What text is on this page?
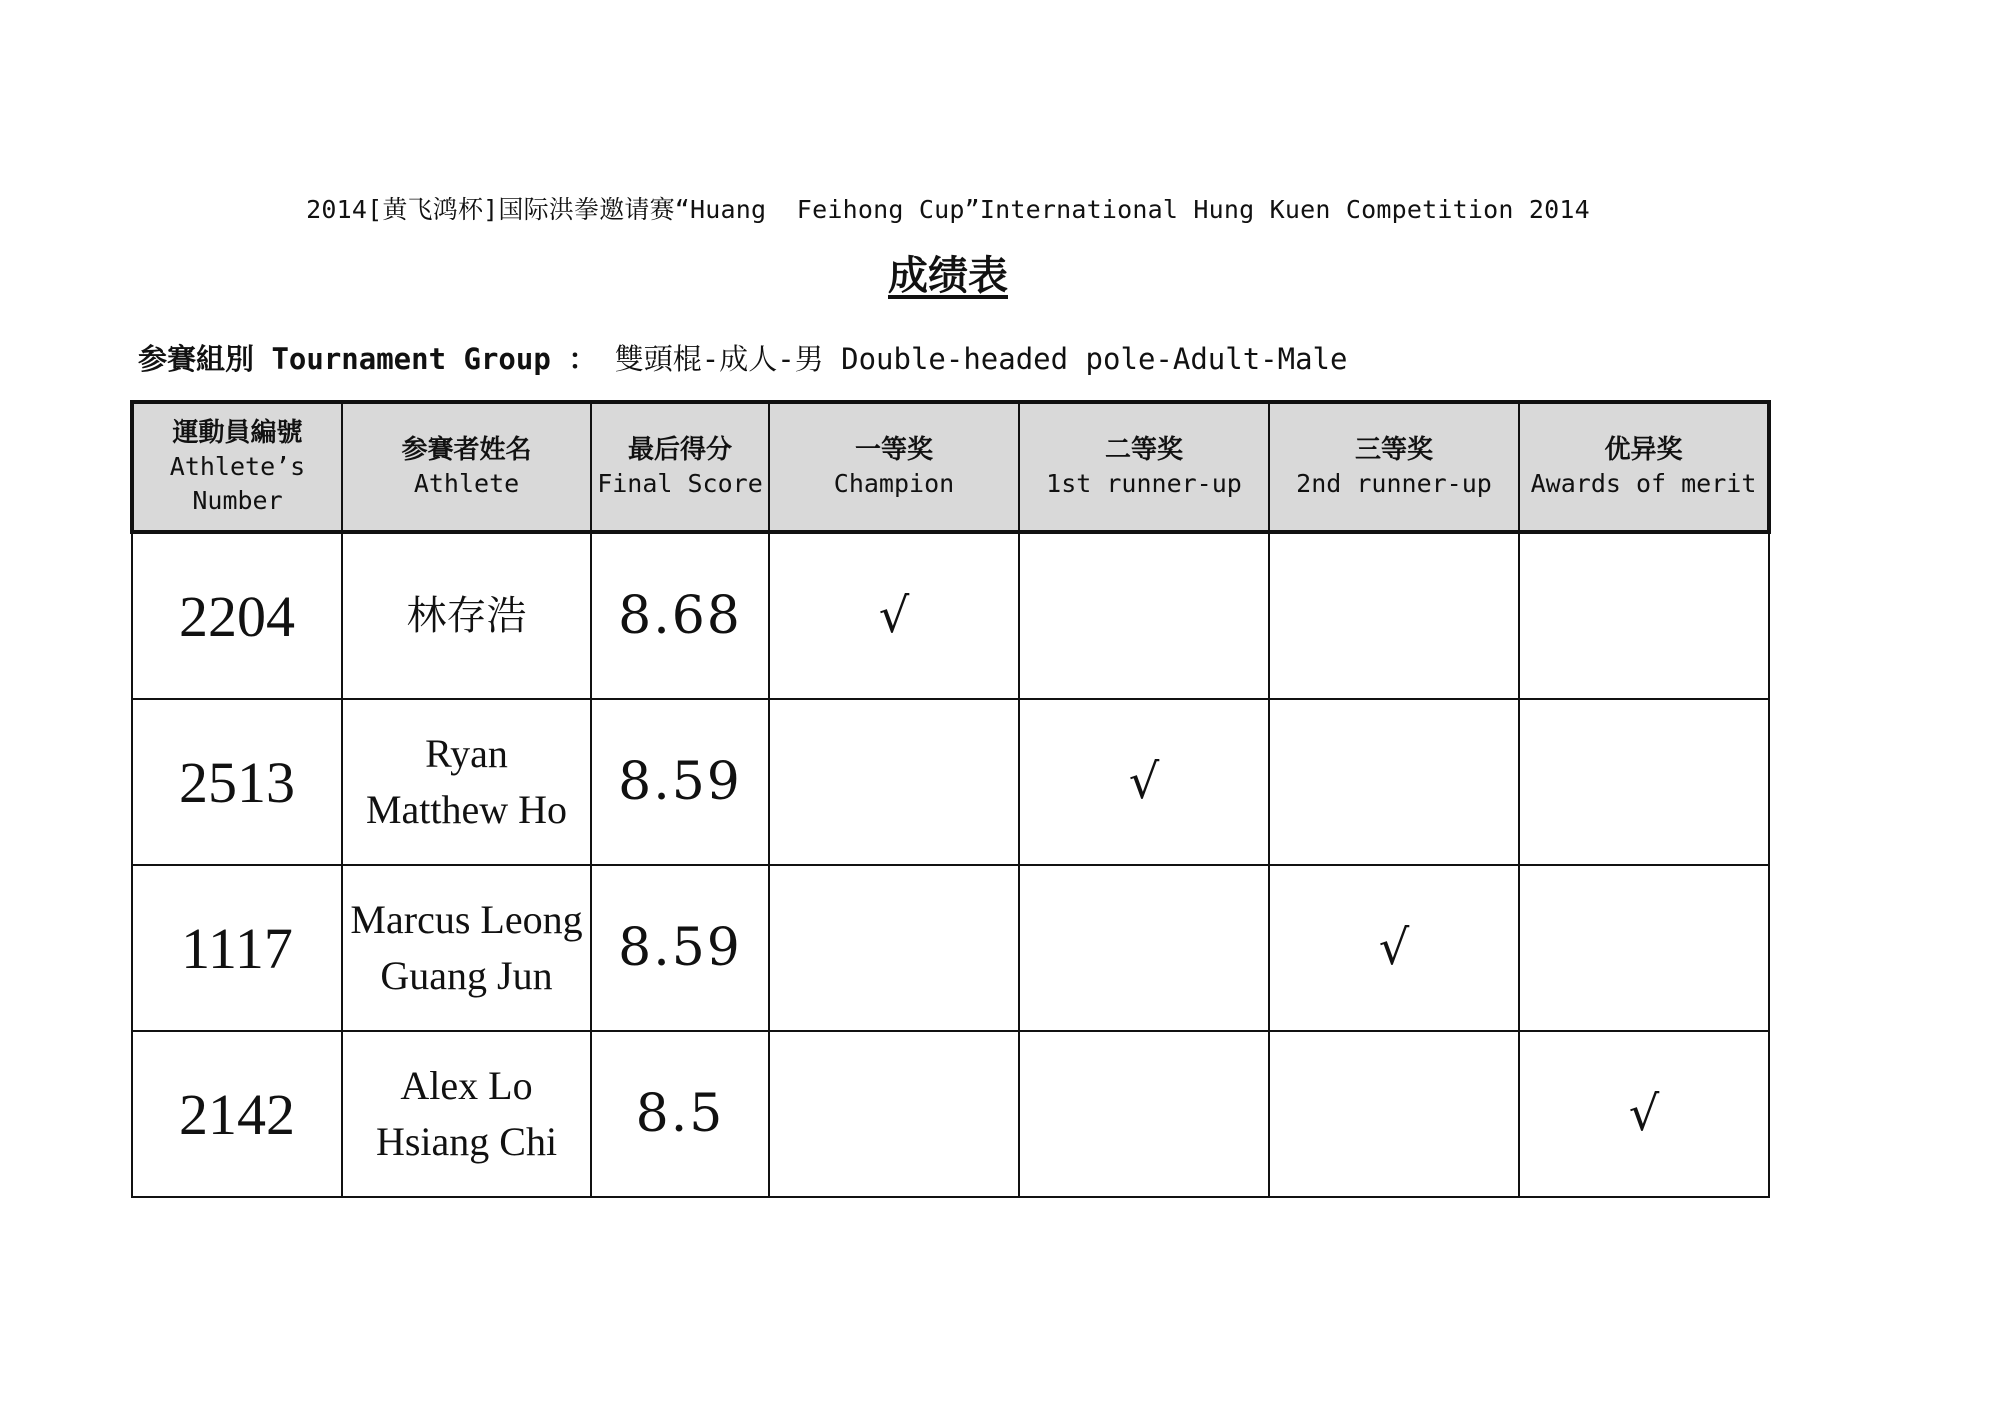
2014[黄飞鸿杯]国际洪拳邀请赛“Huang  Feihong Cup”International Hung Kuen Competition 2014
成绩表
参賽組別 Tournament Group ： 雙頭棍-成人-男 Double-headed pole-Adult-Male
運動員編號
Athlete’s
Number	参賽者姓名
Athlete	最后得分
Final Score	一等奖
Champion	二等奖
1st runner-up	三等奖
2nd runner-up	优异奖
Awards of merit

2204	林存浩	8.68	√			
2513	Ryan
Matthew Ho	8.59		√		
1117	Marcus Leong
Guang Jun	8.59			√	
2142	Alex Lo
Hsiang Chi	8.5				√
